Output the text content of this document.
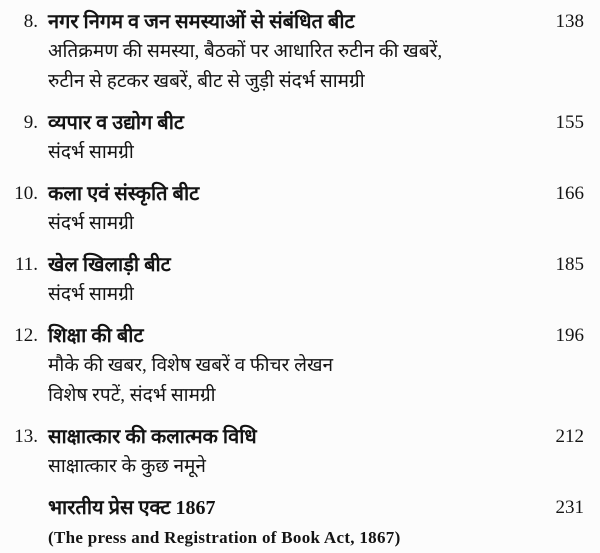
8. नगर निगम व जन समस्याओं से संबंधित बीट
अतिक्रमण की समस्या, बैठकों पर आधारित रुटीन की खबरें,
रुटीन से हटकर खबरें, बीट से जुड़ी संदर्भ सामग्री
138
9. व्यपार व उद्योग बीट
संदर्भ सामग्री
155
10. कला एवं संस्कृति बीट
संदर्भ सामग्री
166
11. खेल खिलाड़ी बीट
संदर्भ सामग्री
185
12. शिक्षा की बीट
मौके की खबर, विशेष खबरें व फीचर लेखन
विशेष रपटें, संदर्भ सामग्री
196
13. साक्षात्कार की कलात्मक विधि
साक्षात्कार के कुछ नमूने
212
भारतीय प्रेस एक्ट 1867
(The press and Registration of Book Act, 1867)
231
